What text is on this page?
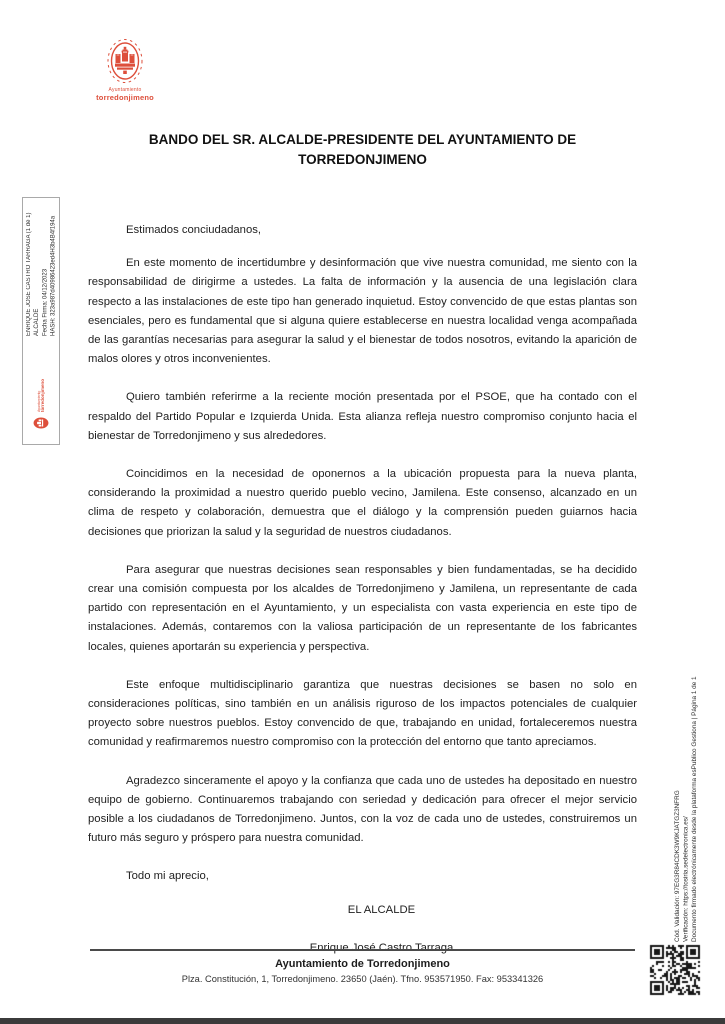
Ayuntamiento
torredonjimeno
BANDO DEL SR. ALCALDE-PRESIDENTE DEL AYUNTAMIENTO DE TORREDONJIMENO

Estimados conciudadanos,

En este momento de incertidumbre y desinformación que vive nuestra comunidad, me siento con la responsabilidad de dirigirme a ustedes. La falta de información y la ausencia de una legislación clara respecto a las instalaciones de este tipo han generado inquietud. Estoy convencido de que estas plantas son esenciales, pero es fundamental que si alguna quiere establecerse en nuestra localidad venga acompañada de las garantías necesarias para asegurar la salud y el bienestar de todos nosotros, evitando la aparición de malos olores y otros inconvenientes.

Quiero también referirme a la reciente moción presentada por el PSOE, que ha contado con el respaldo del Partido Popular e Izquierda Unida. Esta alianza refleja nuestro compromiso conjunto hacia el bienestar de Torredonjimeno y sus alrededores.

Coincidimos en la necesidad de oponernos a la ubicación propuesta para la nueva planta, considerando la proximidad a nuestro querido pueblo vecino, Jamilena. Este consenso, alcanzado en un clima de respeto y colaboración, demuestra que el diálogo y la comprensión pueden guiarnos hacia decisiones que priorizan la salud y la seguridad de nuestros ciudadanos.

Para asegurar que nuestras decisiones sean responsables y bien fundamentadas, se ha decidido crear una comisión compuesta por los alcaldes de Torredonjimeno y Jamilena, un representante de cada partido con representación en el Ayuntamiento, y un especialista con vasta experiencia en este tipo de instalaciones. Además, contaremos con la valiosa participación de un representante de los fabricantes locales, quienes aportarán su experiencia y perspectiva.

Este enfoque multidisciplinario garantiza que nuestras decisiones se basen no solo en consideraciones políticas, sino también en un análisis riguroso de los impactos potenciales de cualquier proyecto sobre nuestros pueblos. Estoy convencido de que, trabajando en unidad, fortaleceremos nuestra comunidad y reafirmaremos nuestro compromiso con la protección del entorno que tanto apreciamos.

Agradezco sinceramente el apoyo y la confianza que cada uno de ustedes ha depositado en nuestro equipo de gobierno. Continuaremos trabajando con seriedad y dedicación para ofrecer el mejor servicio posible a los ciudadanos de Torredonjimeno. Juntos, con la voz de cada uno de ustedes, construiremos un futuro más seguro y próspero para nuestra comunidad.

Todo mi aprecio,

EL ALCALDE

Enrique José Castro Tarraga

ENRIQUE JOSE CASTRO TARRAGA (1 de 1) ALCALDE Fecha Firma: 04/12/2023 HASH: 323a987d40986423ed4H3b4B4f194a
Ayuntamiento torredonjimeno
Cód. Validación: 97EG3R84CDK3W9KJATGZ3NFRG Verificación: https://tosiria.sedelectronica.es/ Documento firmado electrónicamente desde la plataforma esPublico Gestiona | Página 1 de 1
Ayuntamiento de Torredonjimeno
Plza. Constitución, 1, Torredonjimeno. 23650 (Jaén). Tfno. 953571950. Fax: 953341326
